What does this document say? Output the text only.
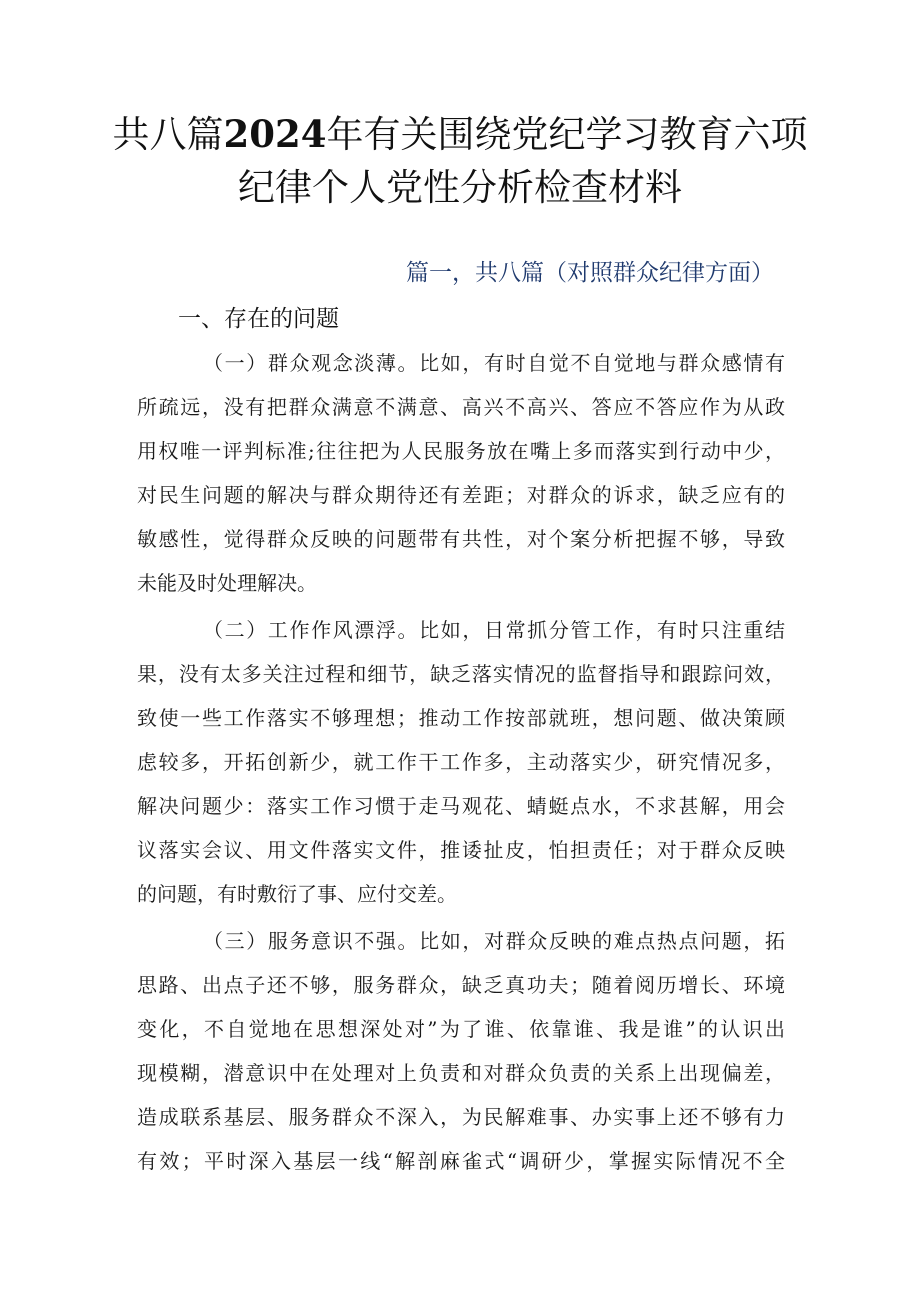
共八篇2024年有关围绕党纪学习教育六项
纪律个人党性分析检查材料
篇一，共八篇（对照群众纪律方面）
一、存在的问题
（一）群众观念淡薄。比如，有时自觉不自觉地与群众感情有
所疏远，没有把群众满意不满意、高兴不高兴、答应不答应作为从政
用权唯一评判标准;往往把为人民服务放在嘴上多而落实到行动中少，
对民生问题的解决与群众期待还有差距；对群众的诉求，缺乏应有的
敏感性，觉得群众反映的问题带有共性，对个案分析把握不够，导致
未能及时处理解决。
（二）工作作风漂浮。比如，日常抓分管工作，有时只注重结
果，没有太多关注过程和细节，缺乏落实情况的监督指导和跟踪问效，
致使一些工作落实不够理想；推动工作按部就班，想问题、做决策顾
虑较多，开拓创新少，就工作干工作多，主动落实少，研究情况多，
解决问题少：落实工作习惯于走马观花、蜻蜓点水，不求甚解，用会
议落实会议、用文件落实文件，推诿扯皮，怕担责任；对于群众反映
的问题，有时敷衍了事、应付交差。
（三）服务意识不强。比如，对群众反映的难点热点问题，拓
思路、出点子还不够，服务群众，缺乏真功夫；随着阅历增长、环境
变化，不自觉地在思想深处对”为了谁、依靠谁、我是谁”的认识出
现模糊，潜意识中在处理对上负责和对群众负责的关系上出现偏差，
造成联系基层、服务群众不深入，为民解难事、办实事上还不够有力
有效；平时深入基层一线“解剖麻雀式“调研少，掌握实际情况不全
